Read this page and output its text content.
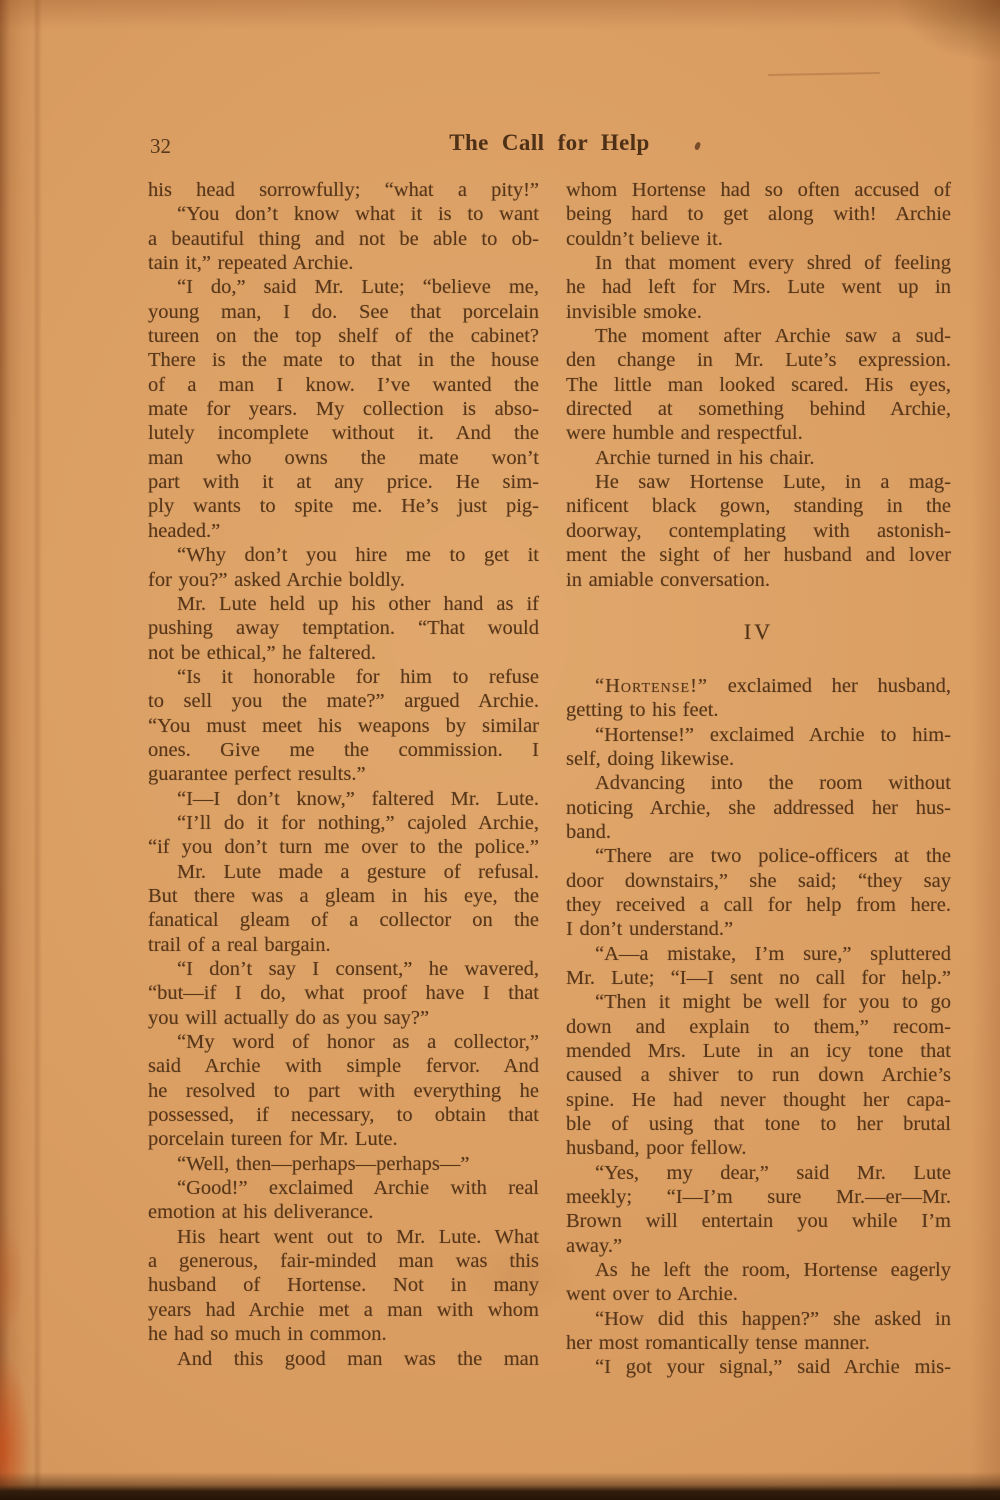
32	The Call for Help
his head sorrowfully; “what a pity!”
“You don’t know what it is to want
a beautiful thing and not be able to ob-
tain it,” repeated Archie.
“I do,” said Mr. Lute; “believe me,
young man, I do. See that porcelain
tureen on the top shelf of the cabinet?
There is the mate to that in the house
of a man I know. I’ve wanted the
mate for years. My collection is abso-
lutely incomplete without it. And the
man who owns the mate won’t
part with it at any price. He sim-
ply wants to spite me. He’s just pig-
headed.”
“Why don’t you hire me to get it
for you?” asked Archie boldly.
Mr. Lute held up his other hand as if
pushing away temptation. “That would
not be ethical,” he faltered.
“Is it honorable for him to refuse
to sell you the mate?” argued Archie.
“You must meet his weapons by similar
ones. Give me the commission. I
guarantee perfect results.”
“I—I don’t know,” faltered Mr. Lute.
“I’ll do it for nothing,” cajoled Archie,
“if you don’t turn me over to the police.”
Mr. Lute made a gesture of refusal.
But there was a gleam in his eye, the
fanatical gleam of a collector on the
trail of a real bargain.
“I don’t say I consent,” he wavered,
“but—if I do, what proof have I that
you will actually do as you say?”
“My word of honor as a collector,”
said Archie with simple fervor. And
he resolved to part with everything he
possessed, if necessary, to obtain that
porcelain tureen for Mr. Lute.
“Well, then—perhaps—perhaps—”
“Good!” exclaimed Archie with real
emotion at his deliverance.
His heart went out to Mr. Lute. What
a generous, fair-minded man was this
husband of Hortense. Not in many
years had Archie met a man with whom
he had so much in common.
And this good man was the man
whom Hortense had so often accused of
being hard to get along with! Archie
couldn’t believe it.
In that moment every shred of feeling
he had left for Mrs. Lute went up in
invisible smoke.
The moment after Archie saw a sud-
den change in Mr. Lute’s expression.
The little man looked scared. His eyes,
directed at something behind Archie,
were humble and respectful.
Archie turned in his chair.
He saw Hortense Lute, in a mag-
nificent black gown, standing in the
doorway, contemplating with astonish-
ment the sight of her husband and lover
in amiable conversation.
IV
“Hortense!” exclaimed her husband,
getting to his feet.
“Hortense!” exclaimed Archie to him-
self, doing likewise.
Advancing into the room without
noticing Archie, she addressed her hus-
band.
“There are two police-officers at the
door downstairs,” she said; “they say
they received a call for help from here.
I don’t understand.”
“A—a mistake, I’m sure,” spluttered
Mr. Lute; “I—I sent no call for help.”
“Then it might be well for you to go
down and explain to them,” recom-
mended Mrs. Lute in an icy tone that
caused a shiver to run down Archie’s
spine. He had never thought her capa-
ble of using that tone to her brutal
husband, poor fellow.
“Yes, my dear,” said Mr. Lute
meekly; “I—I’m sure Mr.—er—Mr.
Brown will entertain you while I’m
away.”
As he left the room, Hortense eagerly
went over to Archie.
“How did this happen?” she asked in
her most romantically tense manner.
“I got your signal,” said Archie mis-
